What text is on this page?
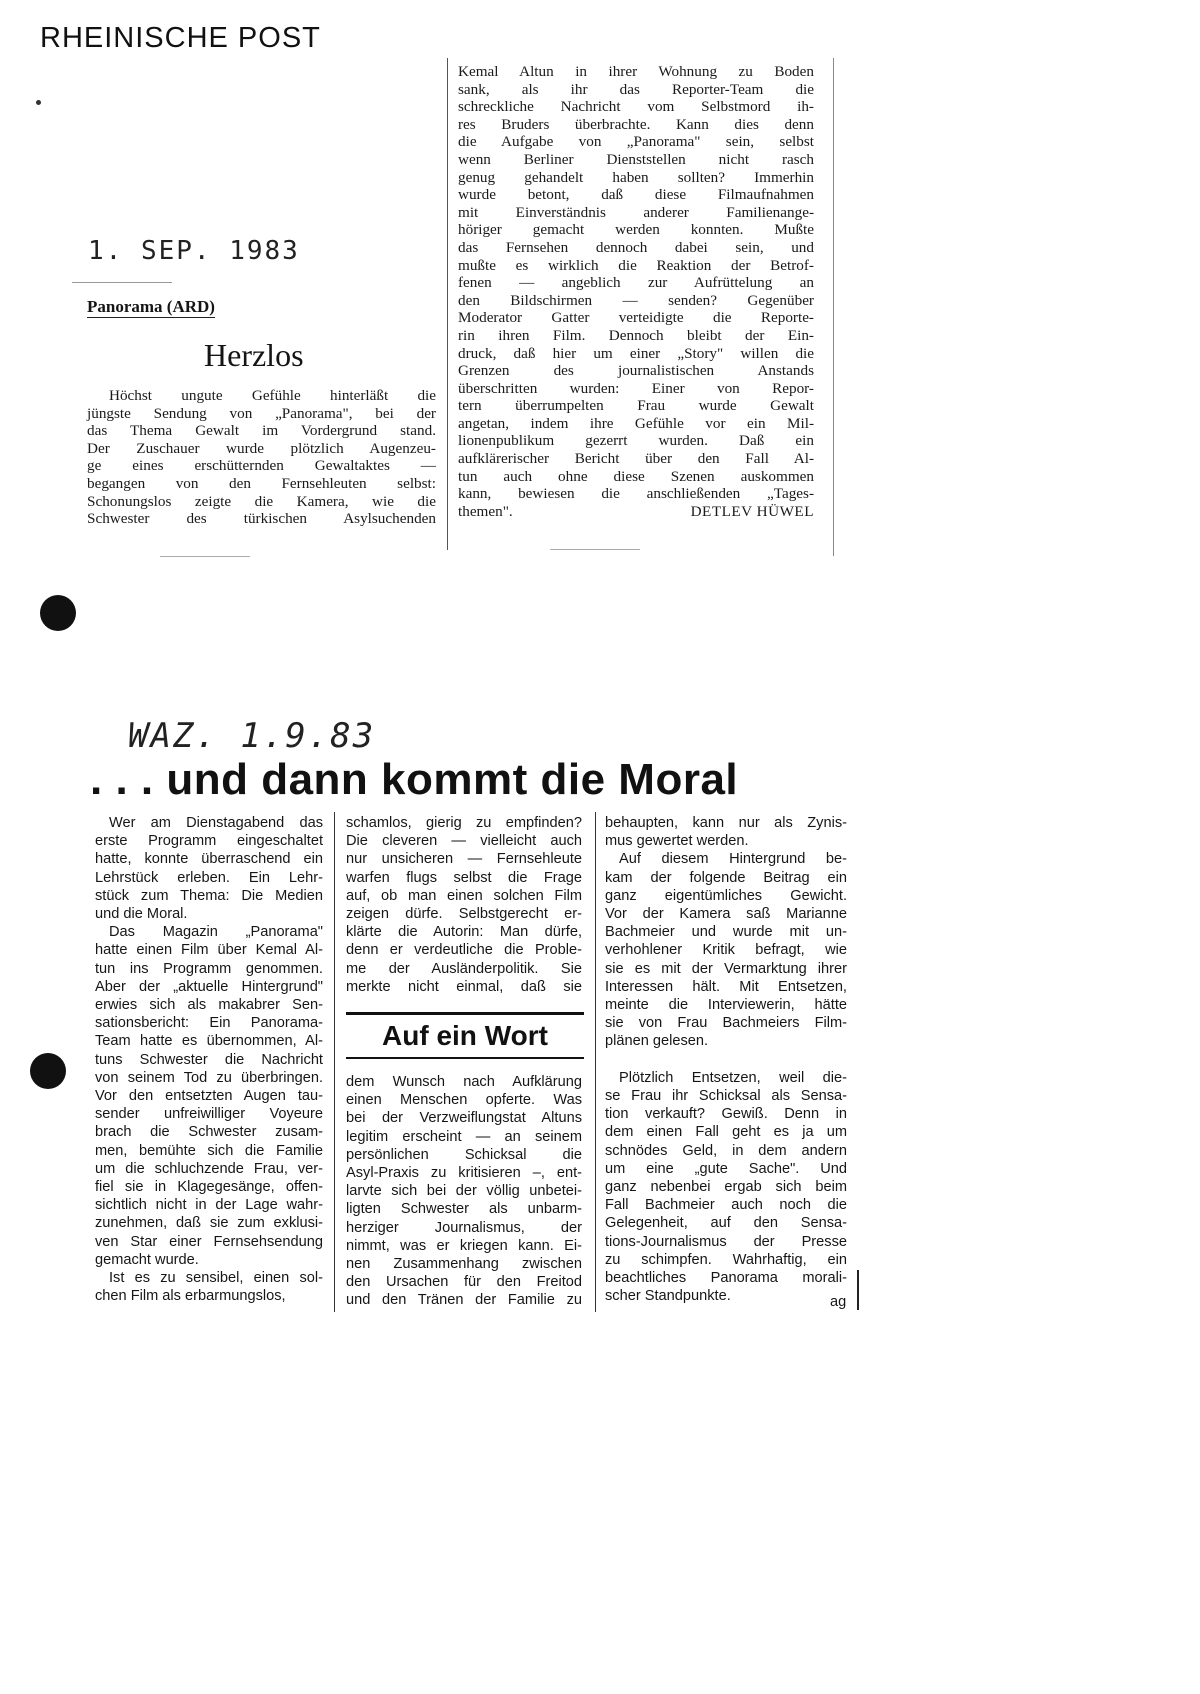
RHEINISCHE POST
1. SEP. 1983
Panorama (ARD)
Herzlos
Höchst ungute Gefühle hinterläßt die
jüngste Sendung von „Panorama", bei der
das Thema Gewalt im Vordergrund stand.
Der Zuschauer wurde plötzlich Augenzeu-
ge eines erschütternden Gewaltaktes —
begangen von den Fernsehleuten selbst:
Schonungslos zeigte die Kamera, wie die
Schwester des türkischen Asylsuchenden
Kemal Altun in ihrer Wohnung zu Boden
sank, als ihr das Reporter-Team die
schreckliche Nachricht vom Selbstmord ih-
res Bruders überbrachte. Kann dies denn
die Aufgabe von „Panorama" sein, selbst
wenn Berliner Dienststellen nicht rasch
genug gehandelt haben sollten? Immerhin
wurde betont, daß diese Filmaufnahmen
mit Einverständnis anderer Familienange-
höriger gemacht werden konnten. Mußte
das Fernsehen dennoch dabei sein, und
mußte es wirklich die Reaktion der Betrof-
fenen — angeblich zur Aufrüttelung an
den Bildschirmen — senden? Gegenüber
Moderator Gatter verteidigte die Reporte-
rin ihren Film. Dennoch bleibt der Ein-
druck, daß hier um einer „Story" willen die
Grenzen des journalistischen Anstands
überschritten wurden: Einer von Repor-
tern überrumpelten Frau wurde Gewalt
angetan, indem ihre Gefühle vor ein Mil-
lionenpublikum gezerrt wurden. Daß ein
aufklärerischer Bericht über den Fall Al-
tun auch ohne diese Szenen auskommen
kann, bewiesen die anschließenden „Tages-
themen".	DETLEV HÜWEL
WAZ. 1.9.83
. . . und dann kommt die Moral
Wer am Dienstagabend das
erste Programm eingeschaltet
hatte, konnte überraschend ein
Lehrstück erleben. Ein Lehr-
stück zum Thema: Die Medien
und die Moral.
Das Magazin „Panorama"
hatte einen Film über Kemal Al-
tun ins Programm genommen.
Aber der „aktuelle Hintergrund"
erwies sich als makabrer Sen-
sationsbericht: Ein Panorama-
Team hatte es übernommen, Al-
tuns Schwester die Nachricht
von seinem Tod zu überbringen.
Vor den entsetzten Augen tau-
sender unfreiwilliger Voyeure
brach die Schwester zusam-
men, bemühte sich die Familie
um die schluchzende Frau, ver-
fiel sie in Klagegesänge, offen-
sichtlich nicht in der Lage wahr-
zunehmen, daß sie zum exklusi-
ven Star einer Fernsehsendung
gemacht wurde.
Ist es zu sensibel, einen sol-
chen Film als erbarmungslos,
schamlos, gierig zu empfinden?
Die cleveren — vielleicht auch
nur unsicheren — Fernsehleute
warfen flugs selbst die Frage
auf, ob man einen solchen Film
zeigen dürfe. Selbstgerecht er-
klärte die Autorin: Man dürfe,
denn er verdeutliche die Proble-
me der Ausländerpolitik. Sie
merkte nicht einmal, daß sie
Auf ein Wort
dem Wunsch nach Aufklärung
einen Menschen opferte. Was
bei der Verzweiflungstat Altuns
legitim erscheint — an seinem
persönlichen Schicksal die
Asyl-Praxis zu kritisieren –, ent-
larvte sich bei der völlig unbetei-
ligten Schwester als unbarm-
herziger Journalismus, der
nimmt, was er kriegen kann. Ei-
nen Zusammenhang zwischen
den Ursachen für den Freitod
und den Tränen der Familie zu
behaupten, kann nur als Zynis-
mus gewertet werden.
Auf diesem Hintergrund be-
kam der folgende Beitrag ein
ganz eigentümliches Gewicht.
Vor der Kamera saß Marianne
Bachmeier und wurde mit un-
verhohlener Kritik befragt, wie
sie es mit der Vermarktung ihrer
Interessen hält. Mit Entsetzen,
meinte die Interviewerin, hätte
sie von Frau Bachmeiers Film-
plänen gelesen.

Plötzlich Entsetzen, weil die-
se Frau ihr Schicksal als Sensa-
tion verkauft? Gewiß. Denn in
dem einen Fall geht es ja um
schnödes Geld, in dem andern
um eine „gute Sache". Und
ganz nebenbei ergab sich beim
Fall Bachmeier auch noch die
Gelegenheit, auf den Sensa-
tions-Journalismus der Presse
zu schimpfen. Wahrhaftig, ein
beachtliches Panorama morali-
scher Standpunkte.	ag
